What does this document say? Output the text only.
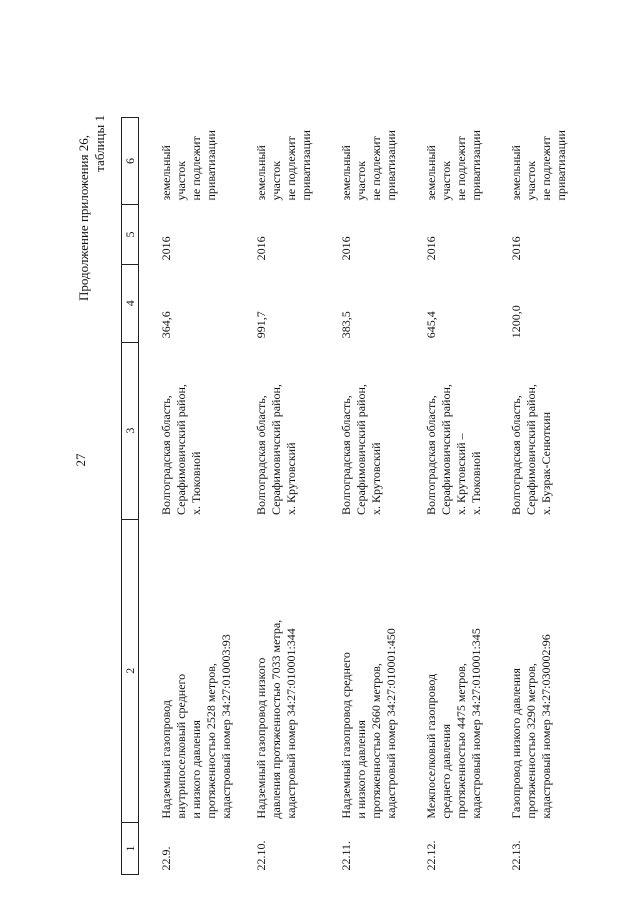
27
Продолжение приложения 26, таблицы 1
1	2	3	4	5	6
22.9.	Надземный газопровод внутрипоселковый среднего и низкого давления протяженностью 2528 метров, кадастровый номер 34:27:010003:93	Волгоградская область, Серафимовичский район, х. Тюковной	364,6	2016	земельный участок не подлежит приватизации

22.10.	Надземный газопровод низкого давления протяженностью 7033 метра, кадастровый номер 34:27:010001:344	Волгоградская область, Серафимовичский район, х. Крутовский	991,7	2016	земельный участок не подлежит приватизации

22.11.	Надземный газопровод среднего и низкого давления протяженностью 2660 метров, кадастровый номер 34:27:010001:450	Волгоградская область, Серафимовичский район, х. Крутовский	383,5	2016	земельный участок не подлежит приватизации

22.12.	Межпоселковый газопровод среднего давления протяженностью 4475 метров, кадастровый номер 34:27:010001:345	Волгоградская область, Серафимовичский район, х. Крутовский – х. Тюковной	645,4	2016	земельный участок не подлежит приватизации

22.13.	Газопровод низкого давления протяженностью 3290 метров, кадастровый номер 34:27:030002:96	Волгоградская область, Серафимовичский район, х. Бузрак-Сенюткин	1200,0	2016	земельный участок не подлежит приватизации
